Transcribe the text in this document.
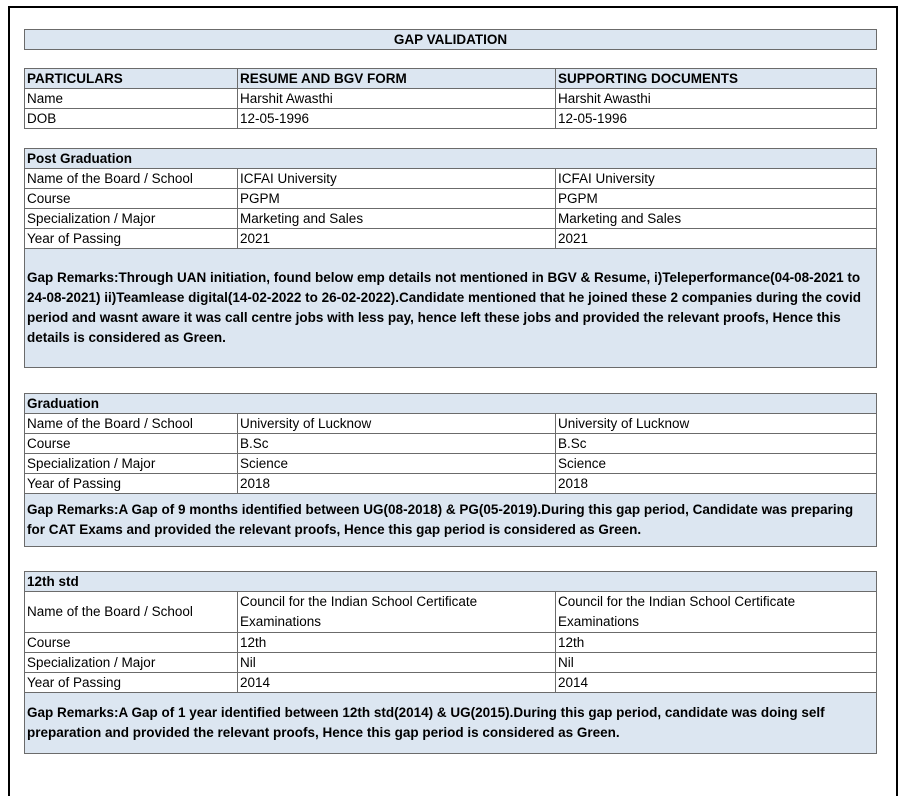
GAP VALIDATION
PARTICULARS	RESUME AND BGV FORM	SUPPORTING DOCUMENTS
Name	Harshit Awasthi	Harshit Awasthi
DOB	12-05-1996	12-05-1996
Post Graduation		
Name of the Board / School	ICFAI University	ICFAI University
Course	PGPM	PGPM
Specialization / Major	Marketing and Sales	Marketing and Sales
Year of Passing	2021	2021
Gap Remarks:Through UAN initiation, found below emp details not mentioned in BGV & Resume, i)Teleperformance(04-08-2021 to 24-08-2021) ii)Teamlease digital(14-02-2022 to 26-02-2022).Candidate mentioned that he joined these 2 companies during the covid period and wasnt aware it was call centre jobs with less pay, hence left these jobs and provided the relevant proofs, Hence this details is considered as Green.		
Graduation		
Name of the Board / School	University of Lucknow	University of Lucknow
Course	B.Sc	B.Sc
Specialization / Major	Science	Science
Year of Passing	2018	2018
Gap Remarks:A Gap of 9 months identified between UG(08-2018) & PG(05-2019).During this gap period, Candidate was preparing for CAT Exams and provided the relevant proofs, Hence this gap period is considered as Green.		
12th std		
Name of the Board / School	Council for the Indian School Certificate Examinations	Council for the Indian School Certificate Examinations
Course	12th	12th
Specialization / Major	Nil	Nil
Year of Passing	2014	2014
Gap Remarks:A Gap of 1 year identified between 12th std(2014) & UG(2015).During this gap period, candidate was doing self preparation and provided the relevant proofs, Hence this gap period is considered as Green.		
